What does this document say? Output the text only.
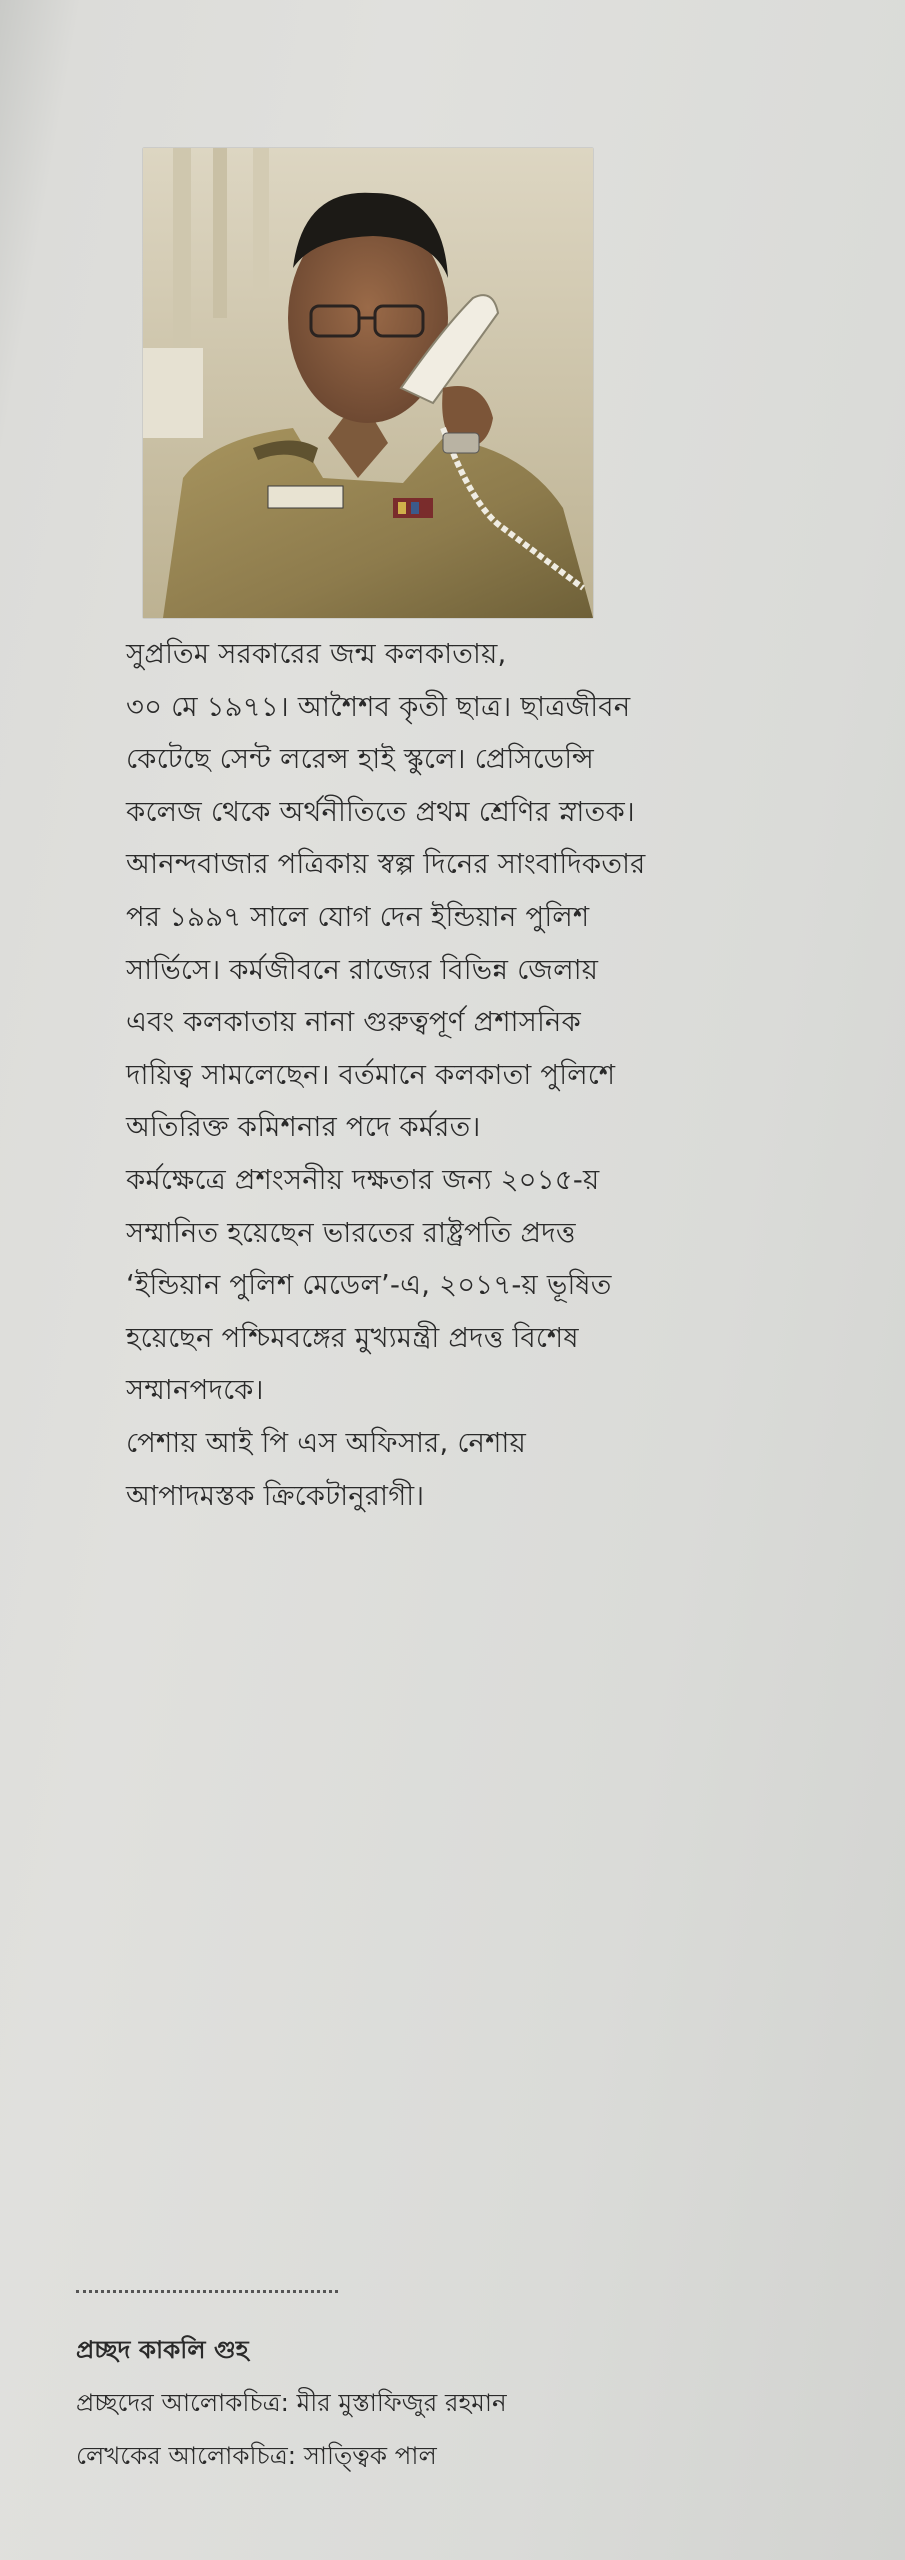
সুপ্রতিম সরকারের জন্ম কলকাতায়,
৩০ মে ১৯৭১। আশৈশব কৃতী ছাত্র। ছাত্রজীবন
কেটেছে সেন্ট লরেন্স হাই স্কুলে। প্রেসিডেন্সি
কলেজ থেকে অর্থনীতিতে প্রথম শ্রেণির স্নাতক।
আনন্দবাজার পত্রিকায় স্বল্প দিনের সাংবাদিকতার
পর ১৯৯৭ সালে যোগ দেন ইন্ডিয়ান পুলিশ
সার্ভিসে। কর্মজীবনে রাজ্যের বিভিন্ন জেলায়
এবং কলকাতায় নানা গুরুত্বপূর্ণ প্রশাসনিক
দায়িত্ব সামলেছেন। বর্তমানে কলকাতা পুলিশে
অতিরিক্ত কমিশনার পদে কর্মরত।

কর্মক্ষেত্রে প্রশংসনীয় দক্ষতার জন্য ২০১৫-য়
সম্মানিত হয়েছেন ভারতের রাষ্ট্রপতি প্রদত্ত
‘ইন্ডিয়ান পুলিশ মেডেল’-এ, ২০১৭-য় ভূষিত
হয়েছেন পশ্চিমবঙ্গের মুখ্যমন্ত্রী প্রদত্ত বিশেষ
সম্মানপদকে।

পেশায় আই পি এস অফিসার, নেশায়
আপাদমস্তক ক্রিকেটানুরাগী।

প্রচ্ছদ কাকলি গুহ
প্রচ্ছদের আলোকচিত্র: মীর মুস্তাফিজুর রহমান
লেখকের আলোকচিত্র: সাত্ত্বিক পাল
